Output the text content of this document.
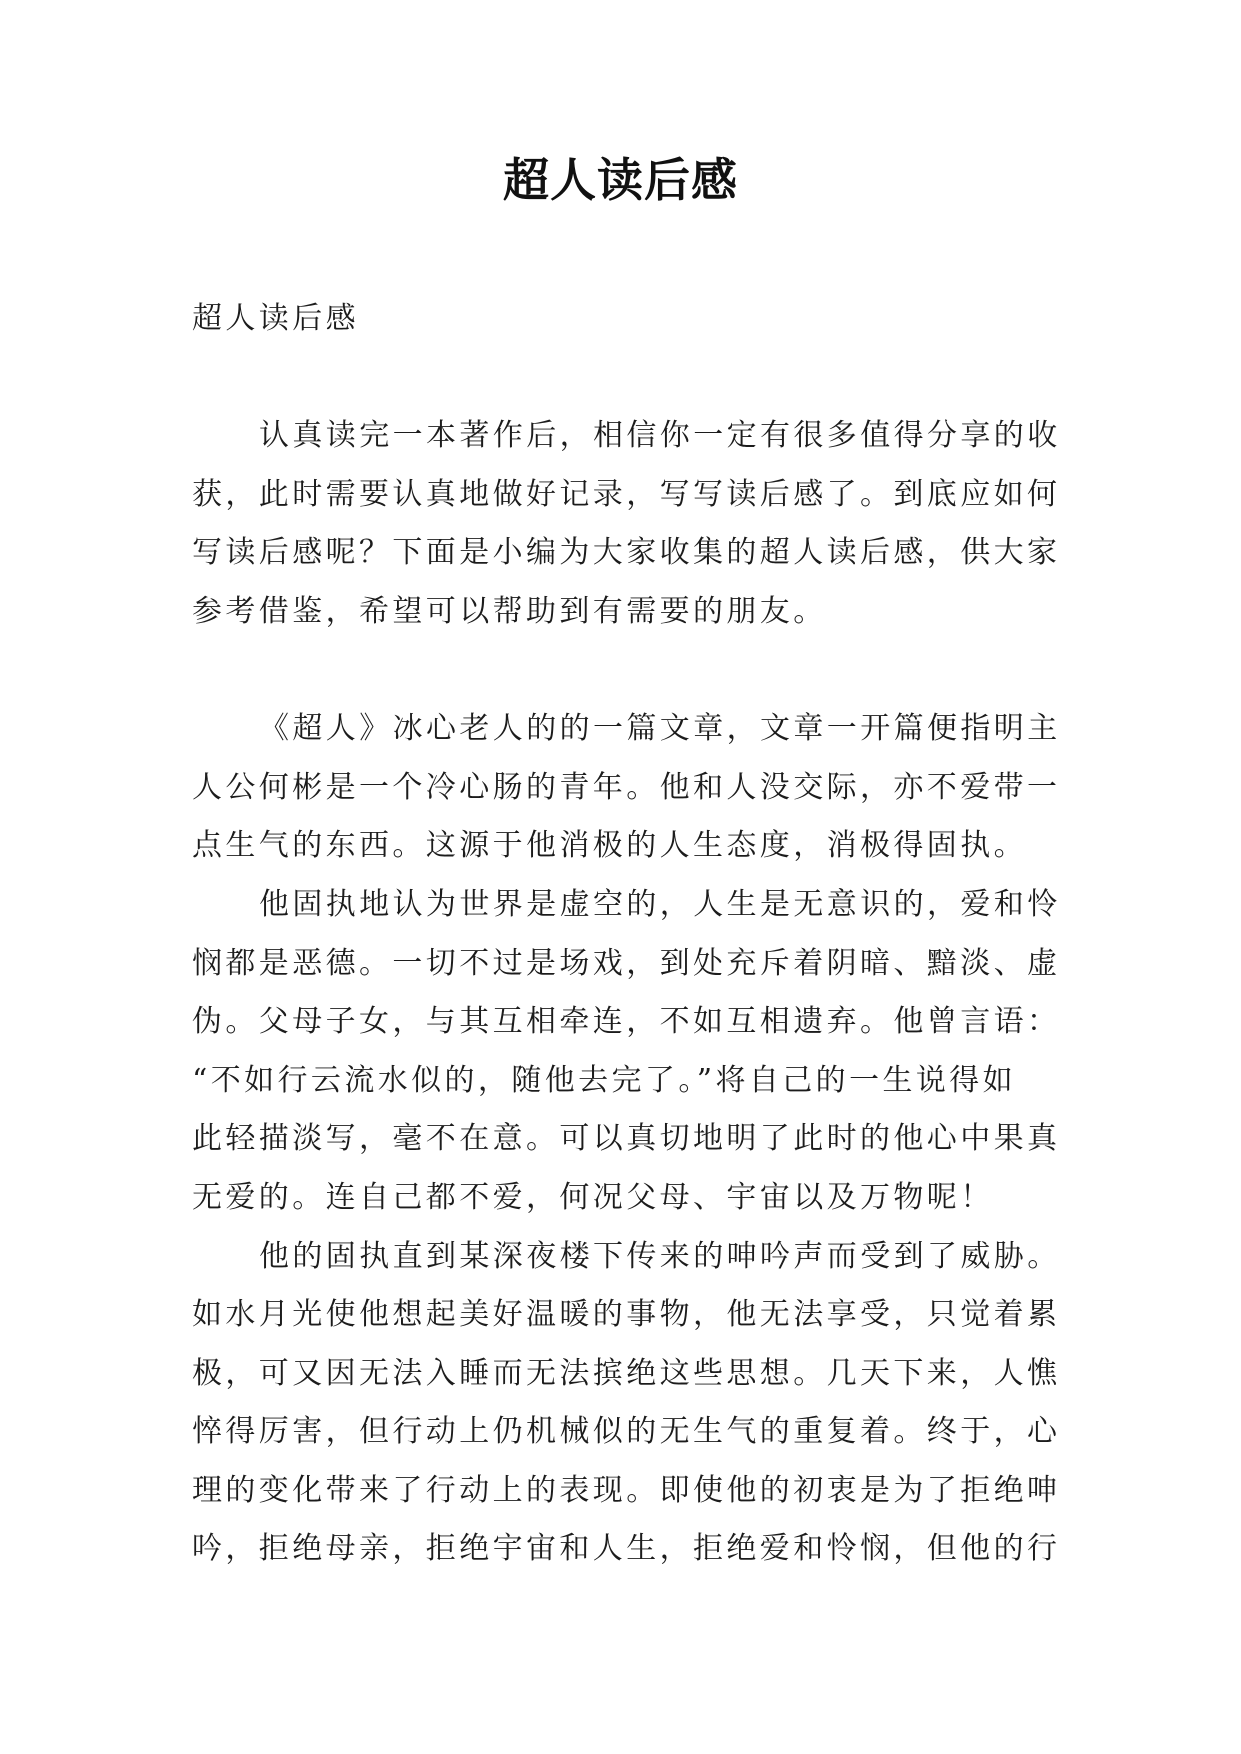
超人读后感
超人读后感
认真读完一本著作后，相信你一定有很多值得分享的收
获，此时需要认真地做好记录，写写读后感了。到底应如何
写读后感呢？下面是小编为大家收集的超人读后感，供大家
参考借鉴，希望可以帮助到有需要的朋友。
《超人》冰心老人的的一篇文章，文章一开篇便指明主
人公何彬是一个冷心肠的青年。他和人没交际，亦不爱带一
点生气的东西。这源于他消极的人生态度，消极得固执。
他固执地认为世界是虚空的，人生是无意识的，爱和怜
悯都是恶德。一切不过是场戏，到处充斥着阴暗、黯淡、虚
伪。父母子女，与其互相牵连，不如互相遗弃。他曾言语：
“不如行云流水似的，随他去完了。”将自己的一生说得如
此轻描淡写，毫不在意。可以真切地明了此时的他心中果真
无爱的。连自己都不爱，何况父母、宇宙以及万物呢！
他的固执直到某深夜楼下传来的呻吟声而受到了威胁。
如水月光使他想起美好温暖的事物，他无法享受，只觉着累
极，可又因无法入睡而无法摈绝这些思想。几天下来，人憔
悴得厉害，但行动上仍机械似的无生气的重复着。终于，心
理的变化带来了行动上的表现。即使他的初衷是为了拒绝呻
吟，拒绝母亲，拒绝宇宙和人生，拒绝爱和怜悯，但他的行
